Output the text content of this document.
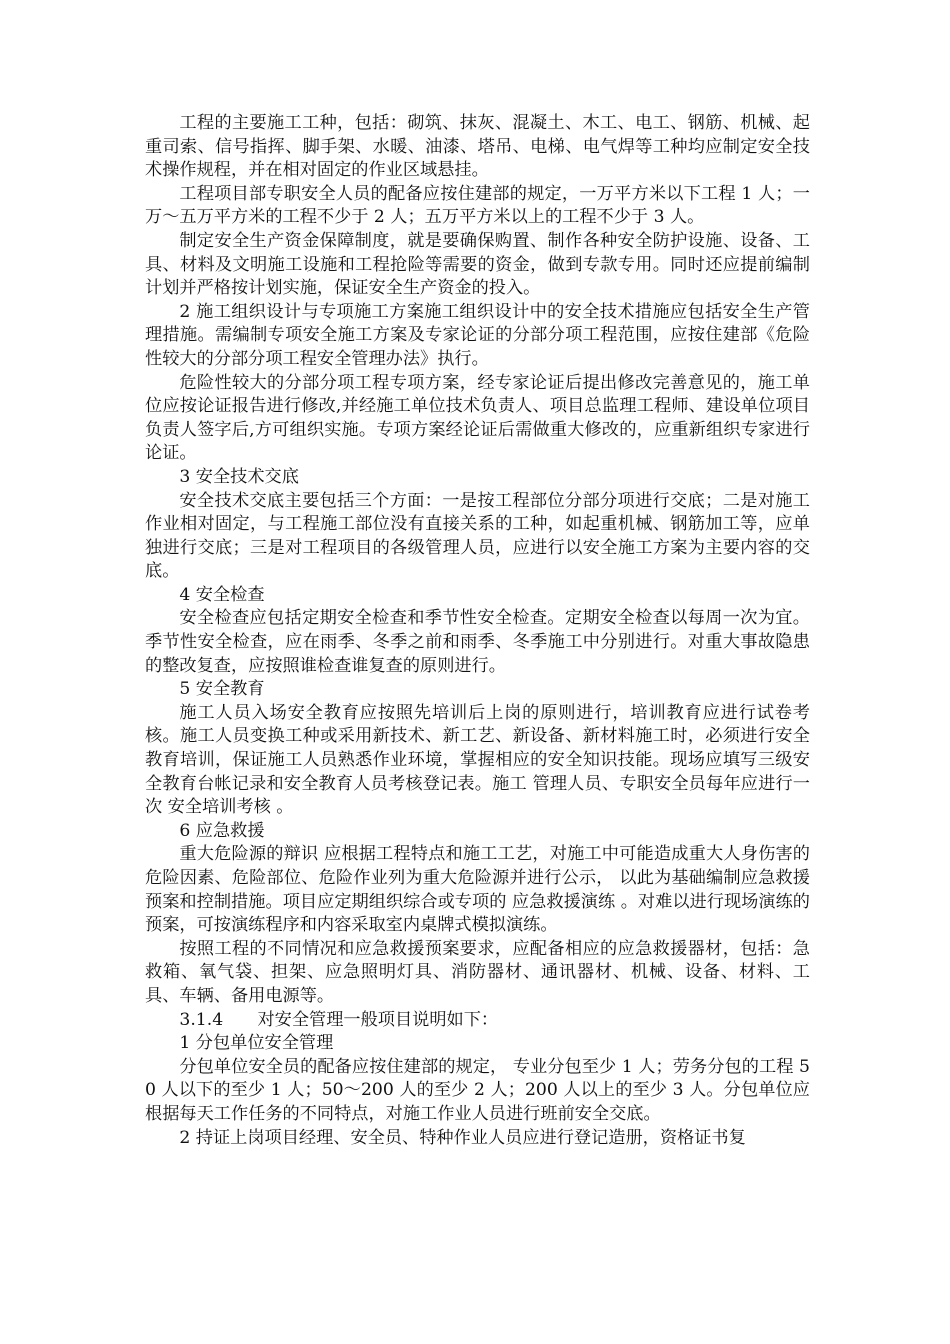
工程的主要施工工种，包括：砌筑、抹灰、混凝土、木工、电工、钢筋、机械、起重司索、信号指挥、脚手架、水暖、油漆、塔吊、电梯、电气焊等工种均应制定安全技术操作规程，并在相对固定的作业区域悬挂。

工程项目部专职安全人员的配备应按住建部的规定，一万平方米以下工程 1 人；一万～五万平方米的工程不少于 2 人；五万平方米以上的工程不少于 3 人。

制定安全生产资金保障制度，就是要确保购置、制作各种安全防护设施、设备、工具、材料及文明施工设施和工程抢险等需要的资金，做到专款专用。同时还应提前编制计划并严格按计划实施，保证安全生产资金的投入。

2 施工组织设计与专项施工方案施工组织设计中的安全技术措施应包括安全生产管理措施。需编制专项安全施工方案及专家论证的分部分项工程范围，应按住建部《危险性较大的分部分项工程安全管理办法》执行。

危险性较大的分部分项工程专项方案，经专家论证后提出修改完善意见的，施工单位应按论证报告进行修改,并经施工单位技术负责人、项目总监理工程师、建设单位项目负责人签字后,方可组织实施。专项方案经论证后需做重大修改的，应重新组织专家进行论证。

3 安全技术交底

安全技术交底主要包括三个方面：一是按工程部位分部分项进行交底；二是对施工作业相对固定，与工程施工部位没有直接关系的工种，如起重机械、钢筋加工等，应单独进行交底；三是对工程项目的各级管理人员，应进行以安全施工方案为主要内容的交底。

4 安全检查

安全检查应包括定期安全检查和季节性安全检查。定期安全检查以每周一次为宜。季节性安全检查，应在雨季、冬季之前和雨季、冬季施工中分别进行。对重大事故隐患的整改复查，应按照谁检查谁复查的原则进行。

5 安全教育

施工人员入场安全教育应按照先培训后上岗的原则进行，培训教育应进行试卷考核。施工人员变换工种或采用新技术、新工艺、新设备、新材料施工时，必须进行安全教育培训，保证施工人员熟悉作业环境，掌握相应的安全知识技能。现场应填写三级安全教育台帐记录和安全教育人员考核登记表。施工 管理人员、专职安全员每年应进行一次 安全培训考核 。

6 应急救援

重大危险源的辩识 应根据工程特点和施工工艺，对施工中可能造成重大人身伤害的危险因素、危险部位、危险作业列为重大危险源并进行公示， 以此为基础编制应急救援预案和控制措施。项目应定期组织综合或专项的 应急救援演练 。对难以进行现场演练的预案，可按演练程序和内容采取室内桌牌式模拟演练。

按照工程的不同情况和应急救援预案要求，应配备相应的应急救援器材，包括：急救箱、氧气袋、担架、应急照明灯具、消防器材、通讯器材、机械、设备、材料、工具、车辆、备用电源等。

3.1.4　　对安全管理一般项目说明如下：

1 分包单位安全管理

分包单位安全员的配备应按住建部的规定， 专业分包至少 1 人；劳务分包的工程 50 人以下的至少 1 人；50～200 人的至少 2 人；200 人以上的至少 3 人。分包单位应根据每天工作任务的不同特点，对施工作业人员进行班前安全交底。

2 持证上岗项目经理、安全员、特种作业人员应进行登记造册，资格证书复
